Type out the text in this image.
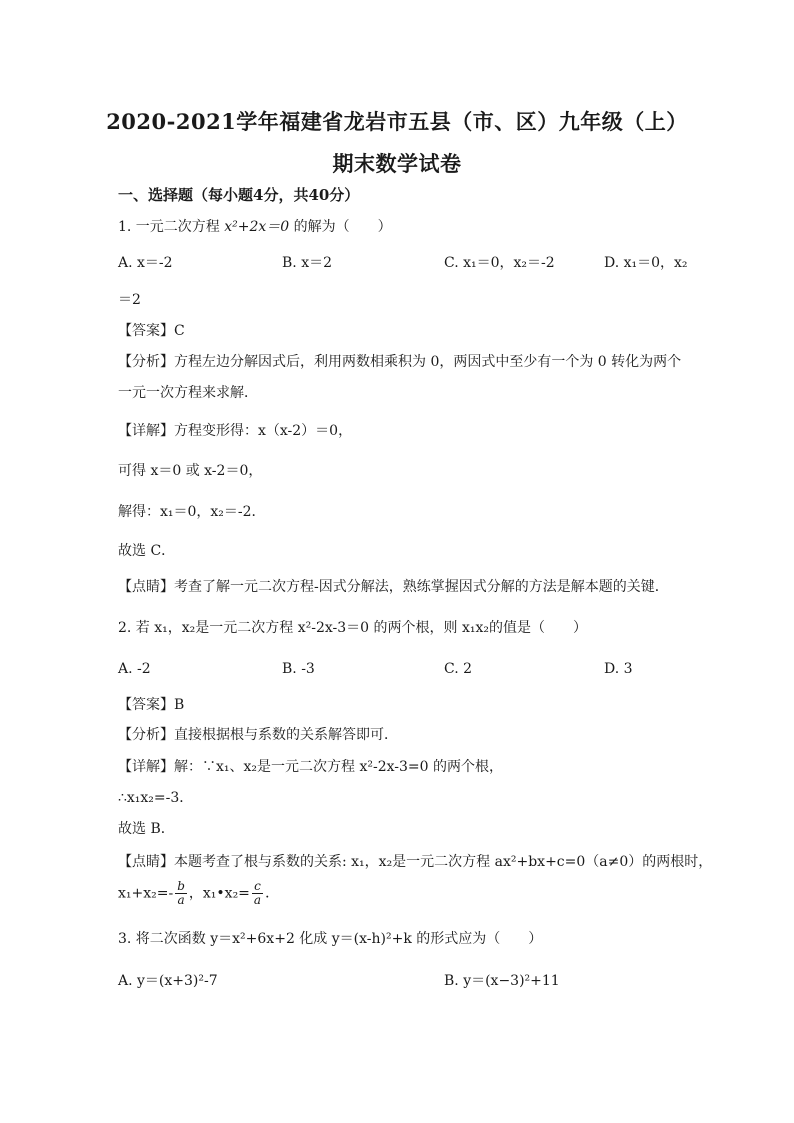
2020-2021学年福建省龙岩市五县（市、区）九年级（上）
期末数学试卷
一、选择题（每小题4分，共40分）
1. 一元二次方程 x²+2x＝0 的解为（　　）
A. x＝-2	B. x＝2	C. x₁＝0，x₂＝-2	D. x₁＝0，x₂
＝2
【答案】C
【分析】方程左边分解因式后，利用两数相乘积为 0，两因式中至少有一个为 0 转化为两个
一元一次方程来求解．
【详解】方程变形得：x（x-2）＝0，
可得 x＝0 或 x-2＝0，
解得：x₁＝0，x₂＝-2．
故选 C．
【点睛】考查了解一元二次方程-因式分解法，熟练掌握因式分解的方法是解本题的关键．
2. 若 x₁，x₂是一元二次方程 x²-2x-3＝0 的两个根，则 x₁x₂的值是（　　）
A. -2	B. -3	C. 2	D. 3
【答案】B
【分析】直接根据根与系数的关系解答即可．
【详解】解：∵x₁、x₂是一元二次方程 x²-2x-3=0 的两个根，
∴x₁x₂=-3．
故选 B．
【点睛】本题考查了根与系数的关系: x₁，x₂是一元二次方程 ax²+bx+c=0（a≠0）的两根时，
$x_1+x_2=- \frac{b}{a}$ ，x₁•x₂= $\frac{c}{a}$ ．
3. 将二次函数 y＝x²+6x+2 化成 y＝(x-h)²+k 的形式应为（　　）
A. y＝(x+3)²-7	B. y＝(x−3)²+11
